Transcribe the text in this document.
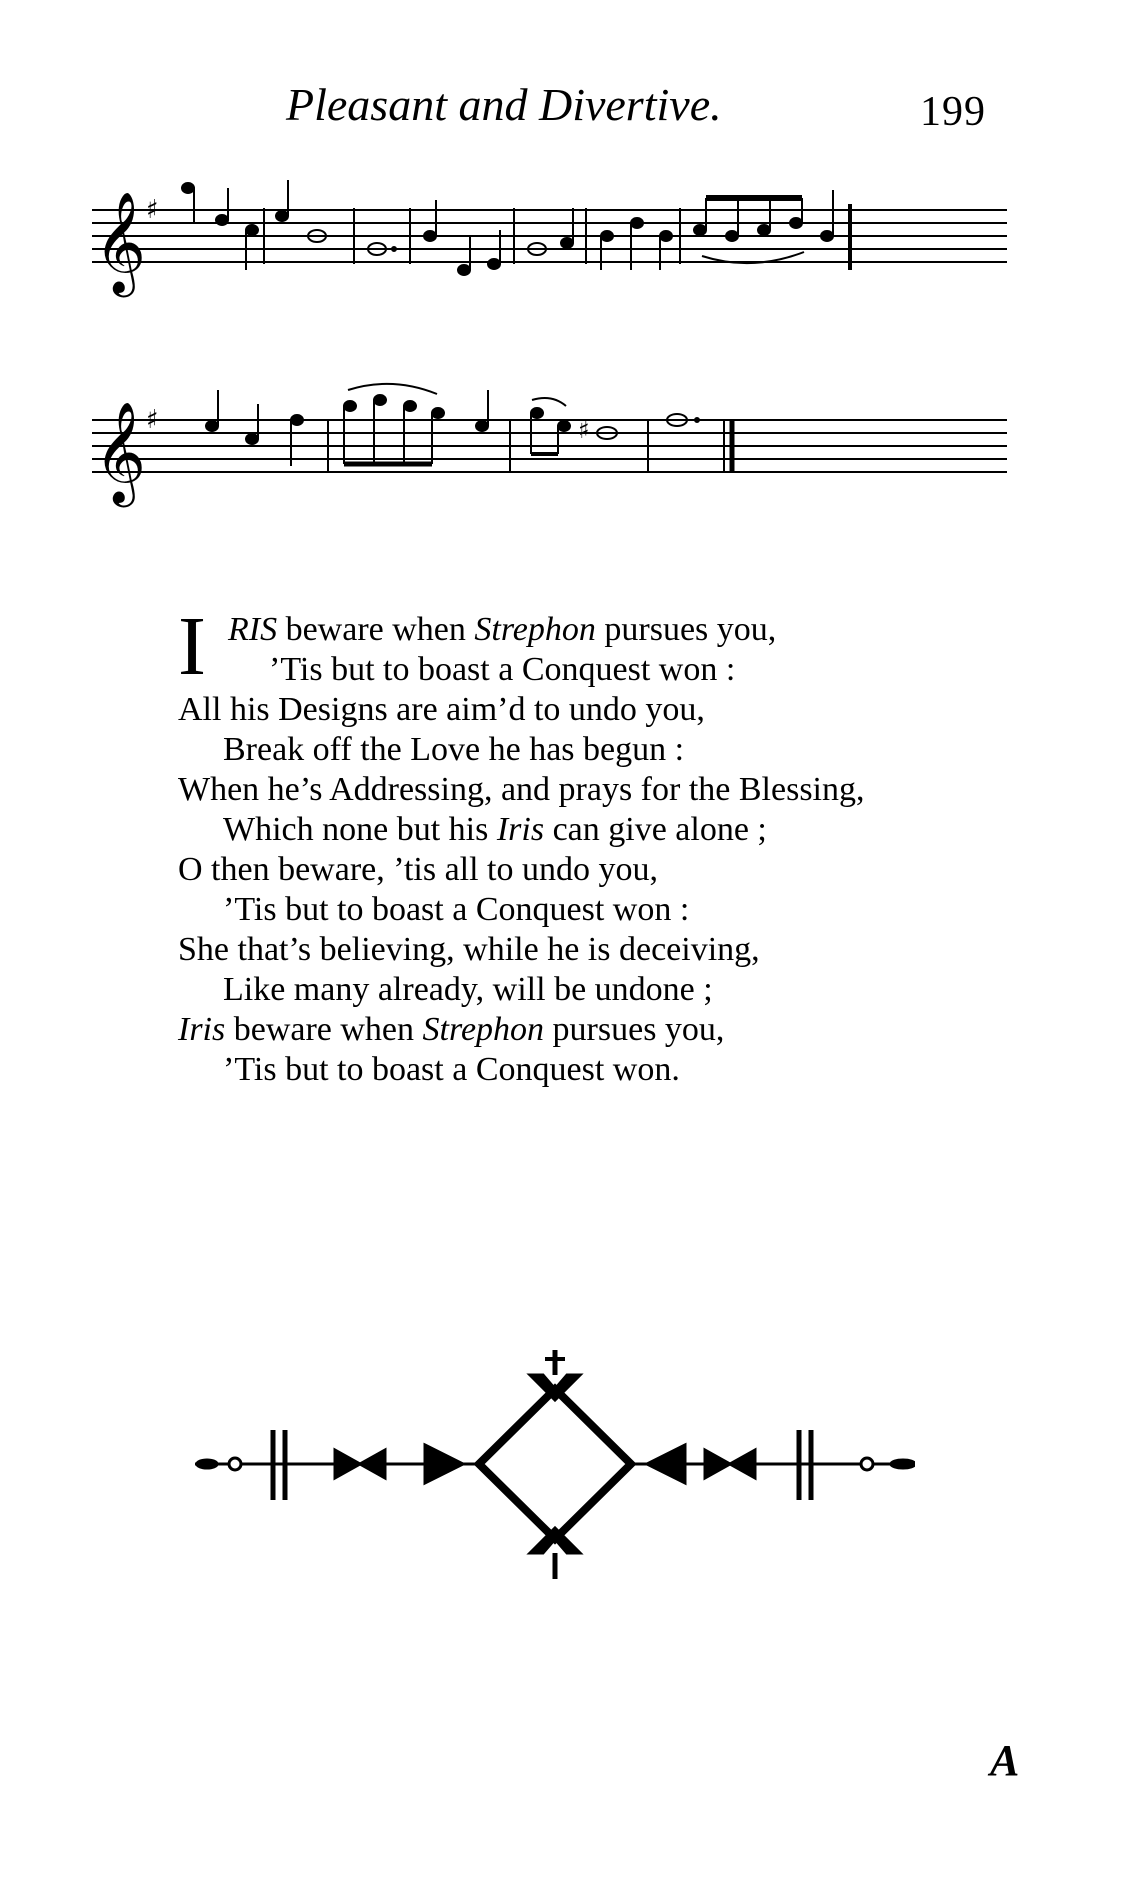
Pleasant and Divertive.	199
𝄞 ♯
𝄞 ♯	♯
I RIS beware when Strephon pursues you,
’Tis but to boast a Conquest won :
All his Designs are aim’d to undo you,
Break off the Love he has begun :
When he’s Addressing, and prays for the Blessing,
Which none but his Iris can give alone ;
O then beware, ’tis all to undo you,
’Tis but to boast a Conquest won :
She that’s believing, while he is deceiving,
Like many already, will be undone ;
Iris beware when Strephon pursues you,
’Tis but to boast a Conquest won.
A
